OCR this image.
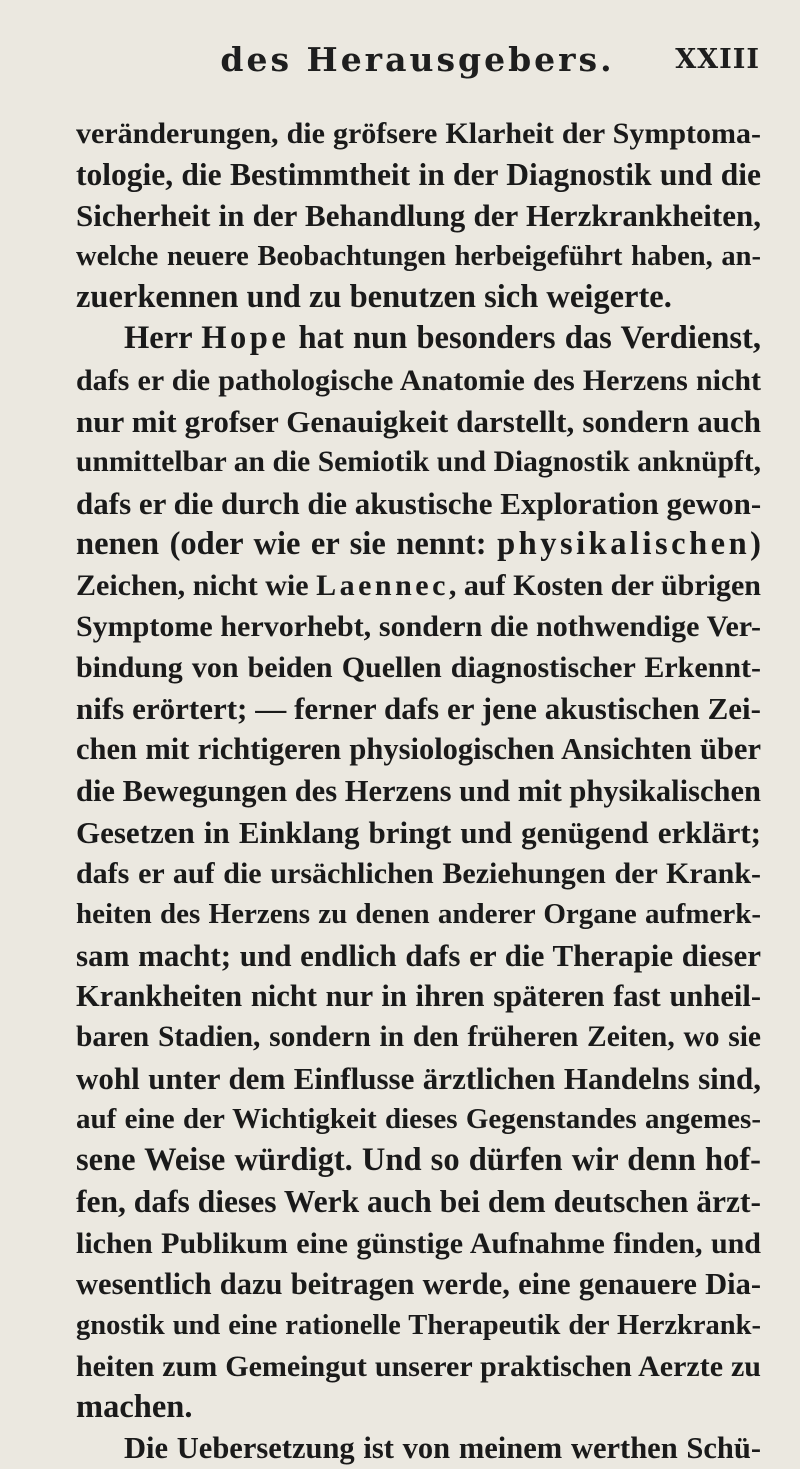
des Herausgebers.	XXIII
veränderungen, die gröfsere Klarheit der Symptoma-
tologie, die Bestimmtheit in der Diagnostik und die
Sicherheit in der Behandlung der Herzkrankheiten,
welche neuere Beobachtungen herbeigeführt haben, an-
zuerkennen und zu benutzen sich weigerte.
Herr Hope hat nun besonders das Verdienst,
dafs er die pathologische Anatomie des Herzens nicht
nur mit grofser Genauigkeit darstellt, sondern auch
unmittelbar an die Semiotik und Diagnostik anknüpft,
dafs er die durch die akustische Exploration gewon-
nenen (oder wie er sie nennt: physikalischen)
Zeichen, nicht wie Laennec, auf Kosten der übrigen
Symptome hervorhebt, sondern die nothwendige Ver-
bindung von beiden Quellen diagnostischer Erkennt-
nifs erörtert; — ferner dafs er jene akustischen Zei-
chen mit richtigeren physiologischen Ansichten über
die Bewegungen des Herzens und mit physikalischen
Gesetzen in Einklang bringt und genügend erklärt;
dafs er auf die ursächlichen Beziehungen der Krank-
heiten des Herzens zu denen anderer Organe aufmerk-
sam macht; und endlich dafs er die Therapie dieser
Krankheiten nicht nur in ihren späteren fast unheil-
baren Stadien, sondern in den früheren Zeiten, wo sie
wohl unter dem Einflusse ärztlichen Handelns sind,
auf eine der Wichtigkeit dieses Gegenstandes angemes-
sene Weise würdigt. Und so dürfen wir denn hof-
fen, dafs dieses Werk auch bei dem deutschen ärzt-
lichen Publikum eine günstige Aufnahme finden, und
wesentlich dazu beitragen werde, eine genauere Dia-
gnostik und eine rationelle Therapeutik der Herzkrank-
heiten zum Gemeingut unserer praktischen Aerzte zu
machen.
Die Uebersetzung ist von meinem werthen Schü-
